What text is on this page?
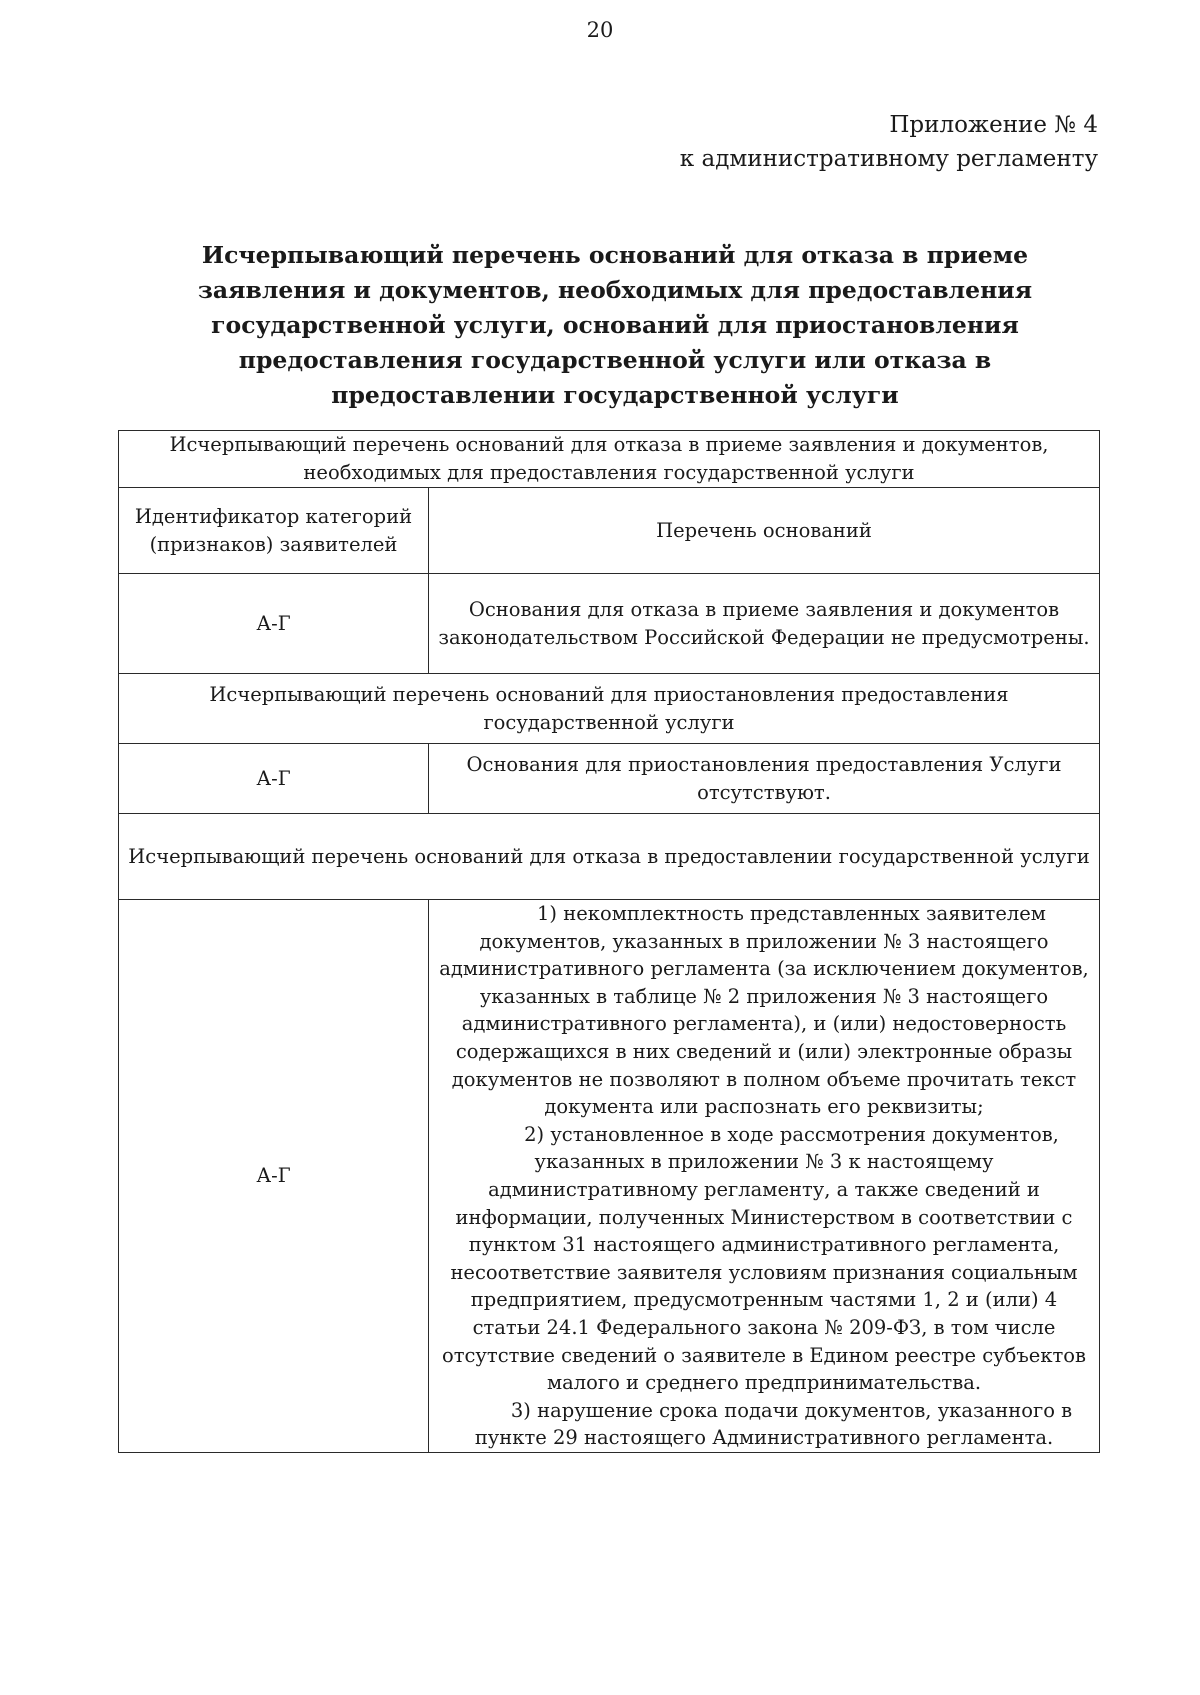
20
Приложение № 4
к административному регламенту
Исчерпывающий перечень оснований для отказа в приеме заявления и документов, необходимых для предоставления государственной услуги, оснований для приостановления предоставления государственной услуги или отказа в предоставлении государственной услуги
Исчерпывающий перечень оснований для отказа в приеме заявления и документов, необходимых для предоставления государственной услуги	
Идентификатор категорий (признаков) заявителей	Перечень оснований
А-Г	Основания для отказа в приеме заявления и документов законодательством Российской Федерации не предусмотрены.
Исчерпывающий перечень оснований для приостановления предоставления государственной услуги	
А-Г	Основания для приостановления предоставления Услуги отсутствуют.
Исчерпывающий перечень оснований для отказа в предоставлении государственной услуги	
А-Г	1) некомплектность представленных заявителем документов, указанных в приложении № 3 настоящего административного регламента (за исключением документов, указанных в таблице № 2 приложения № 3 настоящего административного регламента), и (или) недостоверность содержащихся в них сведений и (или) электронные образы документов не позволяют в полном объеме прочитать текст документа или распознать его реквизиты;

2) установленное в ходе рассмотрения документов, указанных в приложении № 3 к настоящему административному регламенту, а также сведений и информации, полученных Министерством в соответствии с пунктом 31 настоящего административного регламента, несоответствие заявителя условиям признания социальным предприятием, предусмотренным частями 1, 2 и (или) 4 статьи 24.1 Федерального закона № 209-ФЗ, в том числе отсутствие сведений о заявителе в Едином реестре субъектов малого и среднего предпринимательства.

3) нарушение срока подачи документов, указанного в пункте 29 настоящего Административного регламента.
